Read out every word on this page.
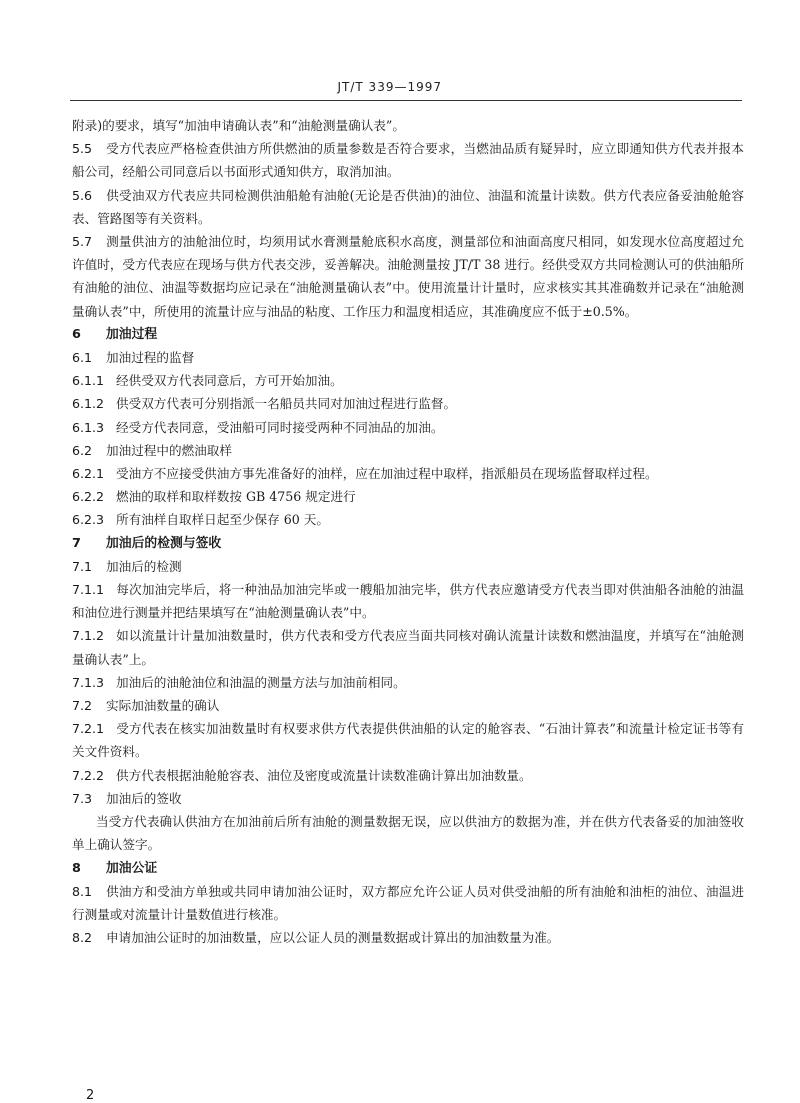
JT/T 339—1997

附录)的要求，填写“加油申请确认表”和“油舱测量确认表”。

5.5 受方代表应严格检查供油方所供燃油的质量参数是否符合要求，当燃油品质有疑异时，应立即通知供方代表并报本船公司，经船公司同意后以书面形式通知供方，取消加油。

5.6 供受油双方代表应共同检测供油船舱有油舱(无论是否供油)的油位、油温和流量计读数。供方代表应备妥油舱舱容表、管路图等有关资料。

5.7 测量供油方的油舱油位时，均须用试水膏测量舱底积水高度，测量部位和油面高度尺相同，如发现水位高度超过允许值时，受方代表应在现场与供方代表交涉，妥善解决。油舱测量按 JT/T 38 进行。经供受双方共同检测认可的供油船所有油舱的油位、油温等数据均应记录在“油舱测量确认表”中。使用流量计计量时，应求核实其其准确数并记录在“油舱测量确认表”中，所使用的流量计应与油品的粘度、工作压力和温度相适应，其准确度应不低于±0.5%。

6 加油过程

6.1 加油过程的监督

6.1.1 经供受双方代表同意后，方可开始加油。

6.1.2 供受双方代表可分别指派一名船员共同对加油过程进行监督。

6.1.3 经受方代表同意，受油船可同时接受两种不同油品的加油。

6.2 加油过程中的燃油取样

6.2.1 受油方不应接受供油方事先准备好的油样，应在加油过程中取样，指派船员在现场监督取样过程。

6.2.2 燃油的取样和取样数按 GB 4756 规定进行

6.2.3 所有油样自取样日起至少保存 60 天。

7 加油后的检测与签收

7.1 加油后的检测

7.1.1 每次加油完毕后，将一种油品加油完毕或一艘船加油完毕，供方代表应邀请受方代表当即对供油船各油舱的油温和油位进行测量并把结果填写在“油舱测量确认表”中。

7.1.2 如以流量计计量加油数量时，供方代表和受方代表应当面共同核对确认流量计读数和燃油温度，并填写在“油舱测量确认表”上。

7.1.3 加油后的油舱油位和油温的测量方法与加油前相同。

7.2 实际加油数量的确认

7.2.1 受方代表在核实加油数量时有权要求供方代表提供供油船的认定的舱容表、“石油计算表”和流量计检定证书等有关文件资料。

7.2.2 供方代表根据油舱舱容表、油位及密度或流量计读数准确计算出加油数量。

7.3 加油后的签收

当受方代表确认供油方在加油前后所有油舱的测量数据无误，应以供油方的数据为准，并在供方代表备妥的加油签收单上确认签字。

8 加油公证

8.1 供油方和受油方单独或共同申请加油公证时，双方都应允许公证人员对供受油船的所有油舱和油柜的油位、油温进行测量或对流量计计量数值进行核准。

8.2 申请加油公证时的加油数量，应以公证人员的测量数据或计算出的加油数量为准。

2
